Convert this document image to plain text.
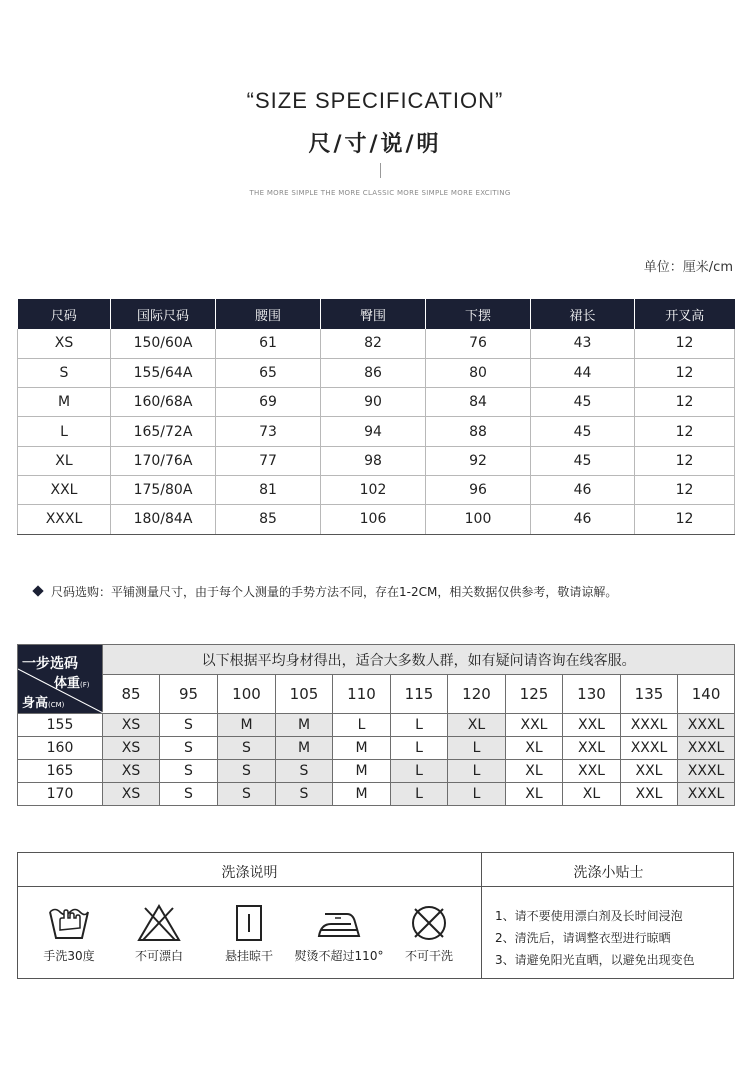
“SIZE SPECIFICATION”
尺/寸/说/明
THE MORE SIMPLE THE MORE CLASSIC MORE SIMPLE MORE EXCITING
单位：厘米/cm
尺码	国际尺码	腰围	臀围	下摆	裙长	开叉高
XS	150/60A	61	82	76	43	12
S	155/64A	65	86	80	44	12
M	160/68A	69	90	84	45	12
L	165/72A	73	94	88	45	12
XL	170/76A	77	98	92	45	12
XXL	175/80A	81	102	96	46	12
XXXL	180/84A	85	106	100	46	12
尺码选购：平铺测量尺寸，由于每个人测量的手势方法不同，存在1-2CM，相关数据仅供参考，敬请谅解。
一步选码
体重(F)
身高(CM)	以下根据平均身材得出，适合大多数人群，如有疑问请咨询在线客服。										
	85	95	100	105	110	115	120	125	130	135	140
155	XS	S	M	M	L	L	XL	XXL	XXL	XXXL	XXXL
160	XS	S	S	M	M	L	L	XL	XXL	XXXL	XXXL
165	XS	S	S	S	M	L	L	XL	XXL	XXL	XXXL
170	XS	S	S	S	M	L	L	XL	XL	XXL	XXXL
洗涤说明	洗涤小贴士
手洗30度	不可漂白	悬挂晾干	熨烫不超过110°	不可干洗
1、请不要使用漂白剂及长时间浸泡
2、清洗后，请调整衣型进行晾晒
3、请避免阳光直晒，以避免出现变色
